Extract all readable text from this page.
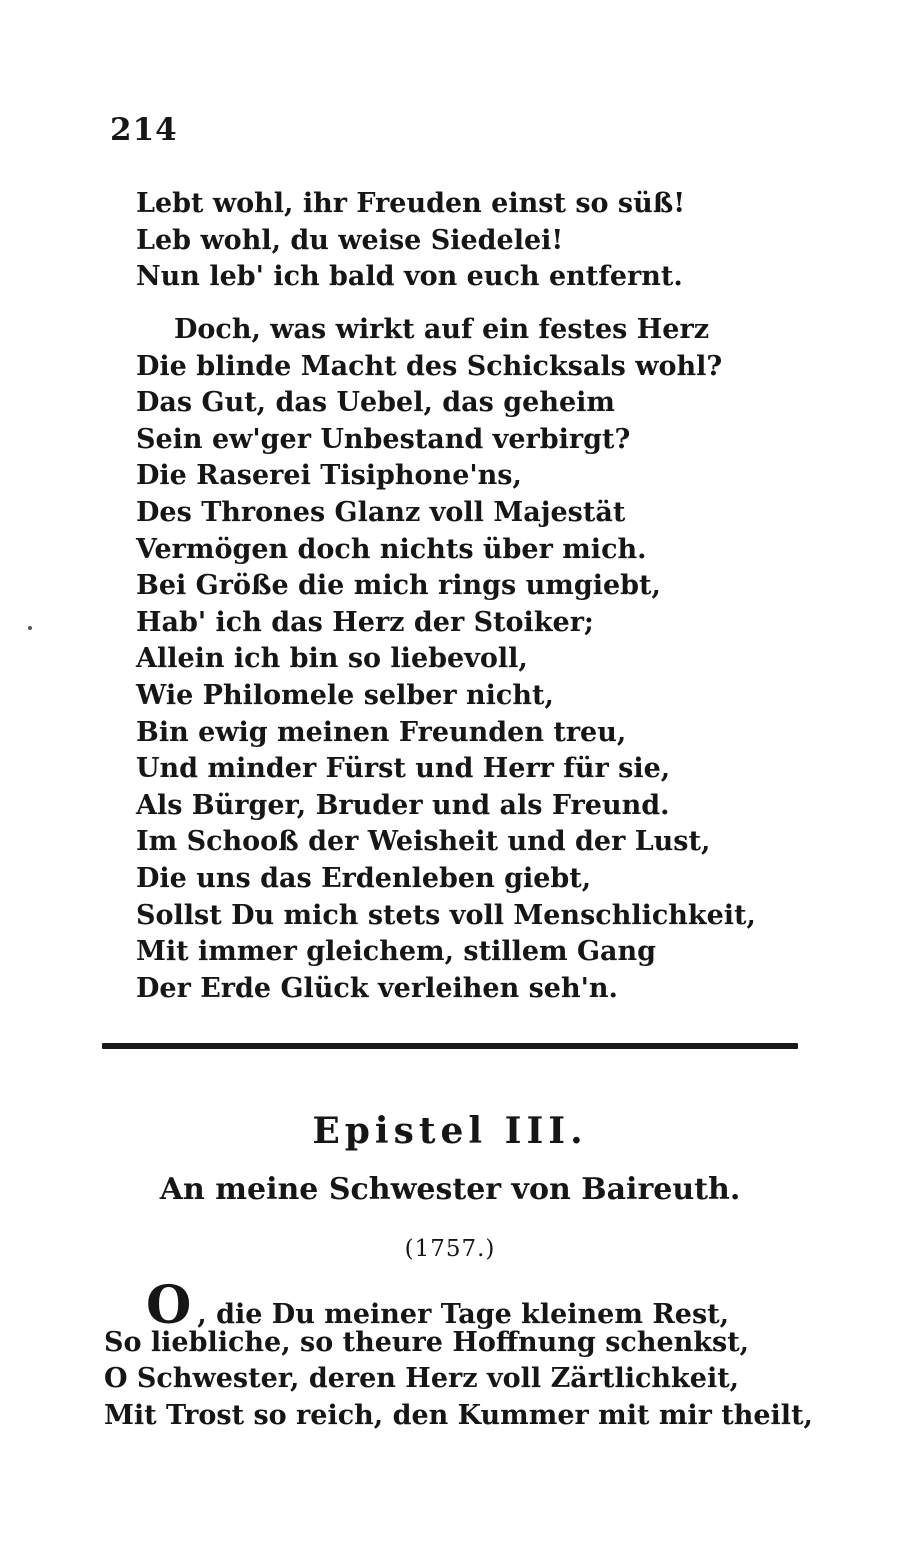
214
Lebt wohl, ihr Freuden einst so süß!
Leb wohl, du weise Siedelei!
Nun leb' ich bald von euch entfernt.
Doch, was wirkt auf ein festes Herz
Die blinde Macht des Schicksals wohl?
Das Gut, das Uebel, das geheim
Sein ew'ger Unbestand verbirgt?
Die Raserei Tisiphone'ns,
Des Thrones Glanz voll Majestät
Vermögen doch nichts über mich.
Bei Größe die mich rings umgiebt,
Hab' ich das Herz der Stoiker;
Allein ich bin so liebevoll,
Wie Philomele selber nicht,
Bin ewig meinen Freunden treu,
Und minder Fürst und Herr für sie,
Als Bürger, Bruder und als Freund.
Im Schooß der Weisheit und der Lust,
Die uns das Erdenleben giebt,
Sollst Du mich stets voll Menschlichkeit,
Mit immer gleichem, stillem Gang
Der Erde Glück verleihen seh'n.
Epistel III.
An meine Schwester von Baireuth.
(1757.)
O , die Du meiner Tage kleinem Rest,
So liebliche, so theure Hoffnung schenkst,
O Schwester, deren Herz voll Zärtlichkeit,
Mit Trost so reich, den Kummer mit mir theilt,
